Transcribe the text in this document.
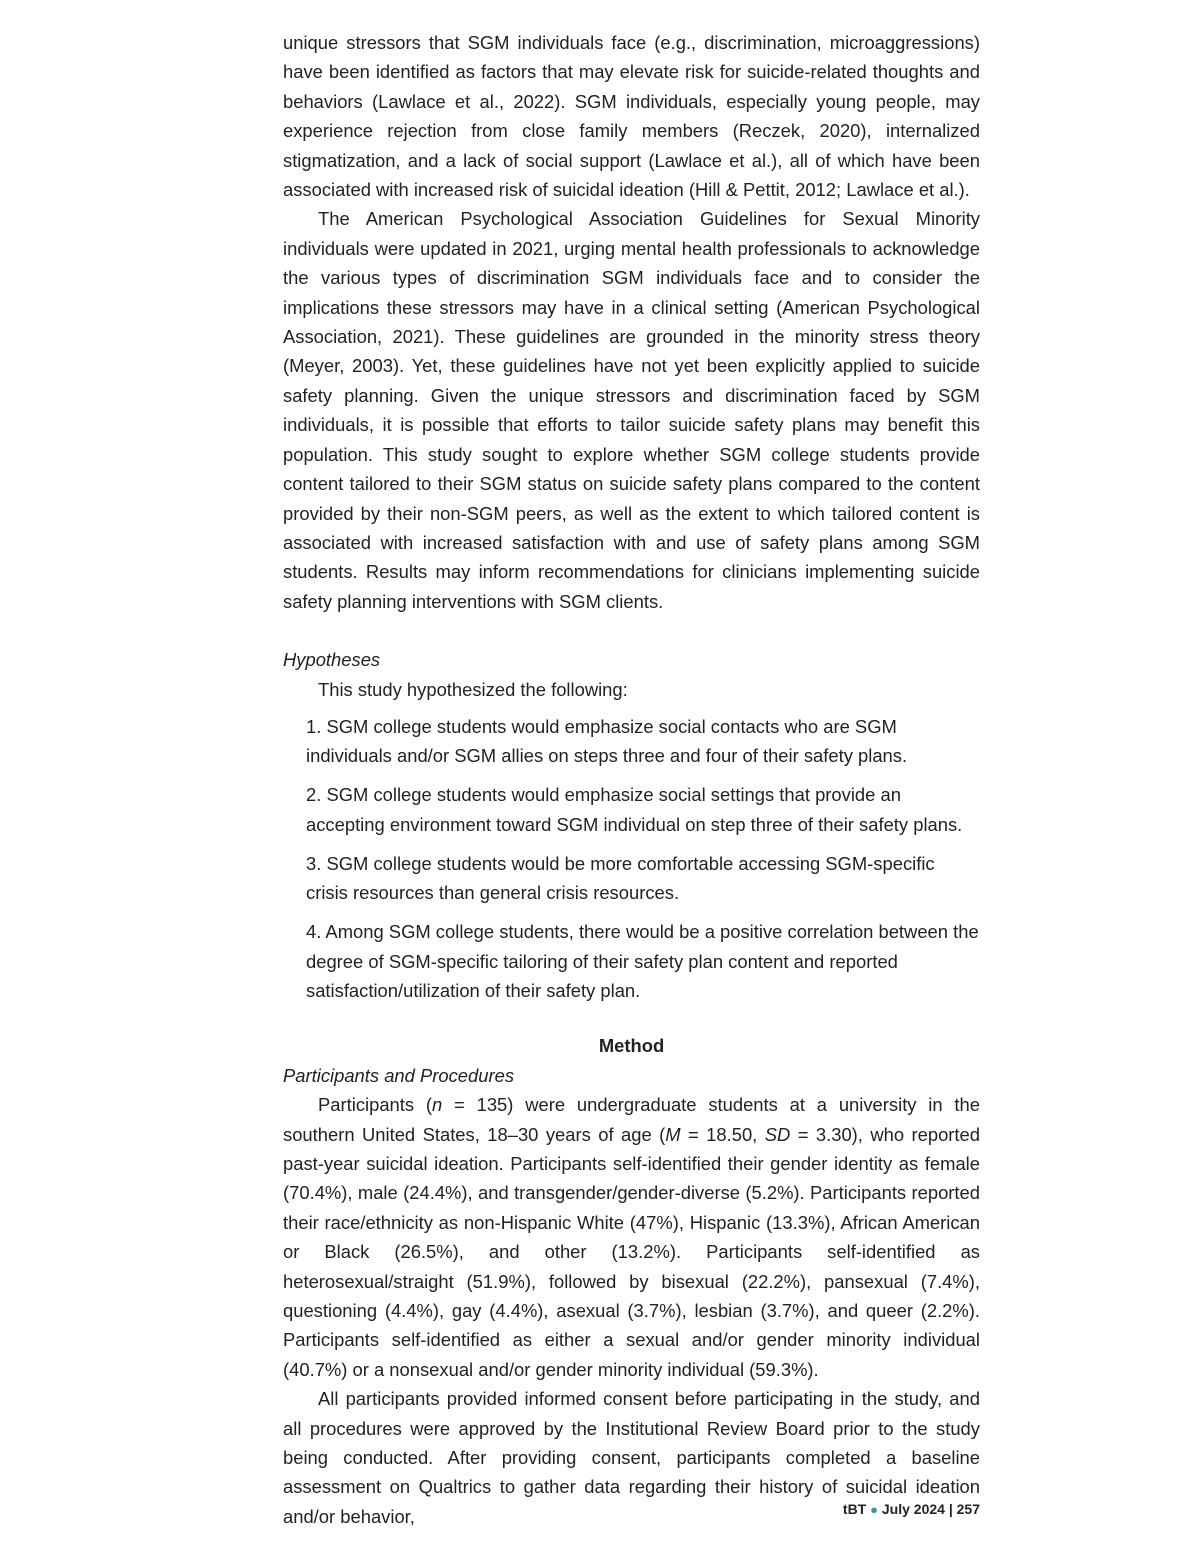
unique stressors that SGM individuals face (e.g., discrimination, microaggressions) have been identified as factors that may elevate risk for suicide-related thoughts and behaviors (Lawlace et al., 2022). SGM individuals, especially young people, may experience rejection from close family members (Reczek, 2020), internalized stigmatization, and a lack of social support (Lawlace et al.), all of which have been associated with increased risk of suicidal ideation (Hill & Pettit, 2012; Lawlace et al.).

The American Psychological Association Guidelines for Sexual Minority individuals were updated in 2021, urging mental health professionals to acknowledge the various types of discrimination SGM individuals face and to consider the implications these stressors may have in a clinical setting (American Psychological Association, 2021). These guidelines are grounded in the minority stress theory (Meyer, 2003). Yet, these guidelines have not yet been explicitly applied to suicide safety planning. Given the unique stressors and discrimination faced by SGM individuals, it is possible that efforts to tailor suicide safety plans may benefit this population. This study sought to explore whether SGM college students provide content tailored to their SGM status on suicide safety plans compared to the content provided by their non-SGM peers, as well as the extent to which tailored content is associated with increased satisfaction with and use of safety plans among SGM students. Results may inform recommendations for clinicians implementing suicide safety planning interventions with SGM clients.

Hypotheses

This study hypothesized the following:

1. SGM college students would emphasize social contacts who are SGM individuals and/or SGM allies on steps three and four of their safety plans.
2. SGM college students would emphasize social settings that provide an accepting environment toward SGM individual on step three of their safety plans.
3. SGM college students would be more comfortable accessing SGM-specific crisis resources than general crisis resources.
4. Among SGM college students, there would be a positive correlation between the degree of SGM-specific tailoring of their safety plan content and reported satisfaction/utilization of their safety plan.
Method
Participants and Procedures

Participants (n = 135) were undergraduate students at a university in the southern United States, 18–30 years of age (M = 18.50, SD = 3.30), who reported past-year suicidal ideation. Participants self-identified their gender identity as female (70.4%), male (24.4%), and transgender/gender-diverse (5.2%). Participants reported their race/ethnicity as non-Hispanic White (47%), Hispanic (13.3%), African American or Black (26.5%), and other (13.2%). Participants self-identified as heterosexual/straight (51.9%), followed by bisexual (22.2%), pansexual (7.4%), questioning (4.4%), gay (4.4%), asexual (3.7%), lesbian (3.7%), and queer (2.2%). Participants self-identified as either a sexual and/or gender minority individual (40.7%) or a nonsexual and/or gender minority individual (59.3%).

All participants provided informed consent before participating in the study, and all procedures were approved by the Institutional Review Board prior to the study being conducted. After providing consent, participants completed a baseline assessment on Qualtrics to gather data regarding their history of suicidal ideation and/or behavior,	tBT ● July 2024 | 257
